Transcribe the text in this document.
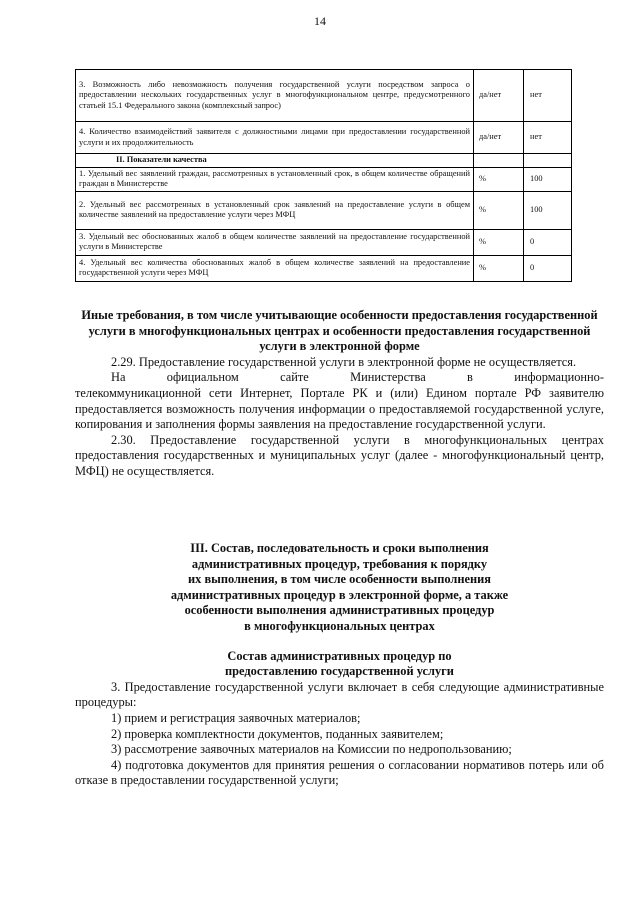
14
3. Возможность либо невозможность получения государственной услуги посредством запроса о предоставлении нескольких государственных услуг в многофункциональном центре, предусмотренного статьей 15.1 Федерального закона (комплексный запрос)	да/нет	нет
4. Количество взаимодействий заявителя с должностными лицами при предоставлении государственной услуги и их продолжительность	да/нет	нет
II. Показатели качества		
1. Удельный вес заявлений граждан, рассмотренных в установленный срок, в общем количестве обращений граждан в Министерстве	%	100
2. Удельный вес рассмотренных в установленный срок заявлений на предоставление услуги в общем количестве заявлений на предоставление услуги через МФЦ	%	100
3. Удельный вес обоснованных жалоб в общем количестве заявлений на предоставление государственной услуги в Министерстве	%	0
4. Удельный вес количества обоснованных жалоб в общем количестве заявлений на предоставление государственной услуги через МФЦ	%	0

Иные требования, в том числе учитывающие особенности предоставления государственной услуги в многофункциональных центрах и особенности предоставления государственной услуги в электронной форме

2.29. Предоставление государственной услуги в электронной форме не осуществляется.

На	официальном	сайте	Министерства	в	информационно-

телекоммуникационной сети Интернет, Портале РК и (или) Едином портале РФ заявителю предоставляется возможность получения информации о предоставляемой государственной услуге, копирования и заполнения формы заявления на предоставление государственной услуги.

2.30. Предоставление государственной услуги в многофункциональных центрах предоставления государственных и муниципальных услуг (далее - многофункциональный центр, МФЦ) не осуществляется.

III. Состав, последовательность и сроки выполнения

административных процедур, требования к порядку

их выполнения, в том числе особенности выполнения

административных процедур в электронной форме, а также

особенности выполнения административных процедур

в многофункциональных центрах

Состав административных процедур по

предоставлению государственной услуги

3. Предоставление государственной услуги включает в себя следующие административные процедуры:

1) прием и регистрация заявочных материалов;

2) проверка комплектности документов, поданных заявителем;

3) рассмотрение заявочных материалов на Комиссии по недропользованию;

4) подготовка документов для принятия решения о согласовании нормативов потерь или об отказе в предоставлении государственной услуги;
